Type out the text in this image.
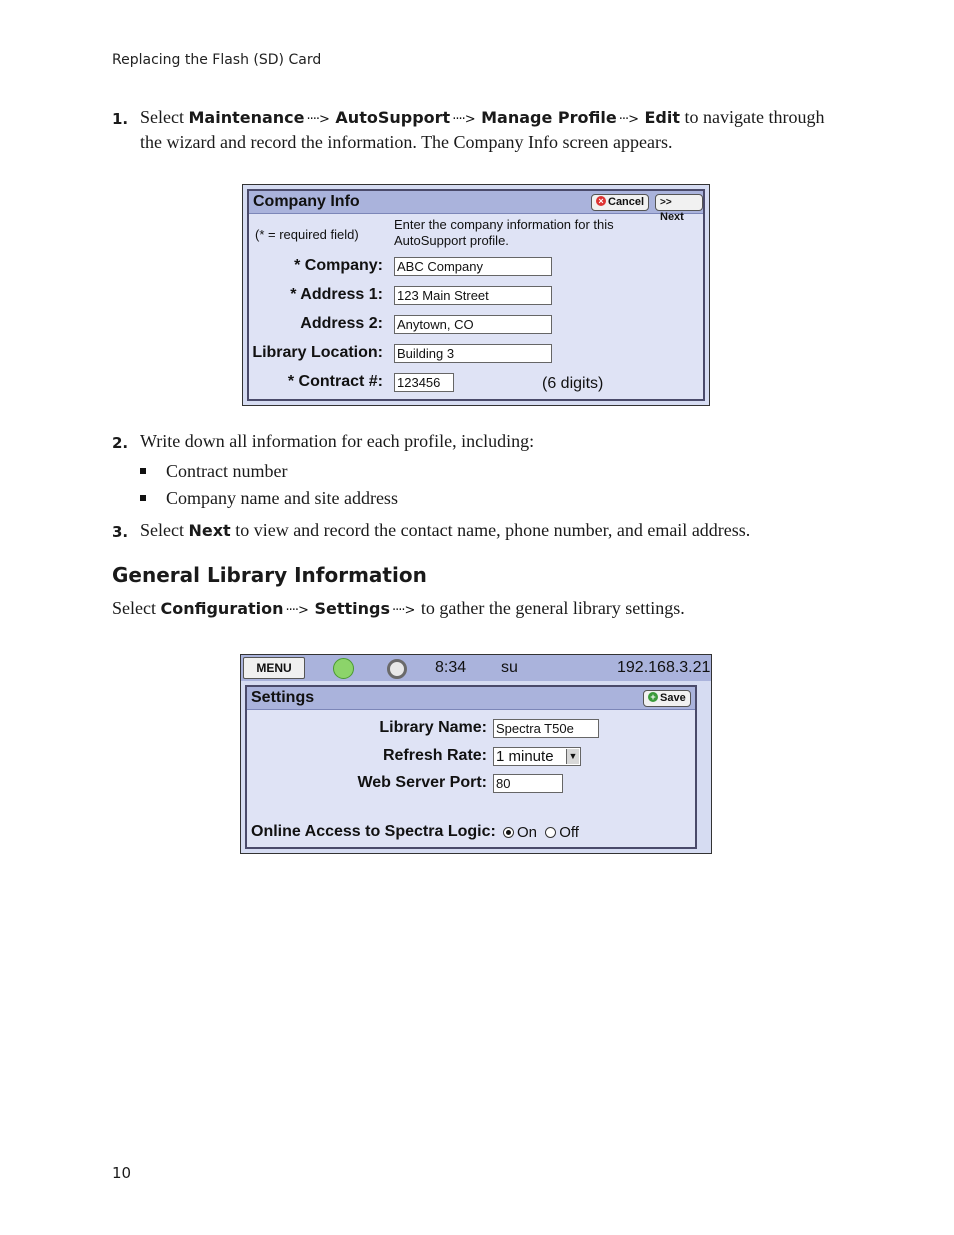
Replacing the Flash (SD) Card
1. Select Maintenance ····> AutoSupport ····> Manage Profile ···> Edit to navigate through
the wizard and record the information. The Company Info screen appears.
Company Info	× Cancel	>> Next
(* = required field)
Enter the company information for this
AutoSupport profile.
* Company: ABC Company
* Address 1: 123 Main Street
Address 2: Anytown, CO
Library Location: Building 3
* Contract #: 123456	(6 digits)
2. Write down all information for each profile, including:
Contract number
Company name and site address
3. Select Next to view and record the contact name, phone number, and email address.
General Library Information
Select Configuration ····> Settings ····> to gather the general library settings.
MENU	8:34 su	192.168.3.21
Settings	+ Save
Library Name: Spectra T50e
Refresh Rate: 1 minute ▼
Web Server Port: 80
Online Access to Spectra Logic:	On Off
10
